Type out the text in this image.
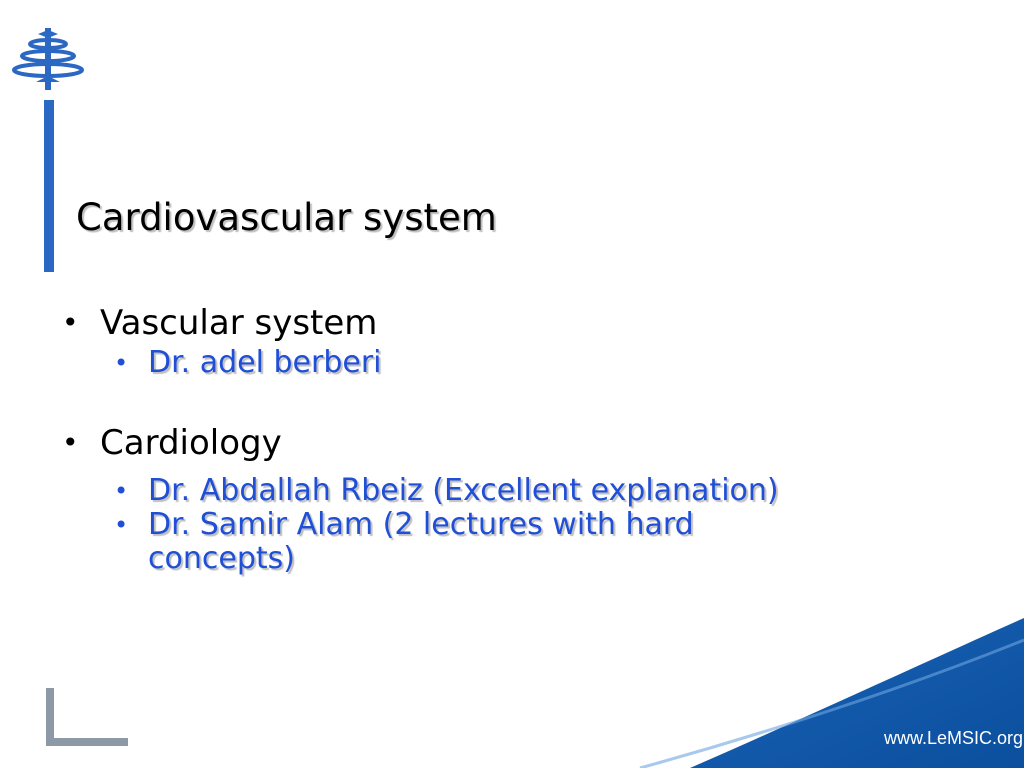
Cardiovascular system
• Vascular system
• Dr. adel berberi
• Cardiology
• Dr. Abdallah Rbeiz (Excellent explanation)
• Dr. Samir Alam (2 lectures with hard concepts)
www.LeMSIC.org
